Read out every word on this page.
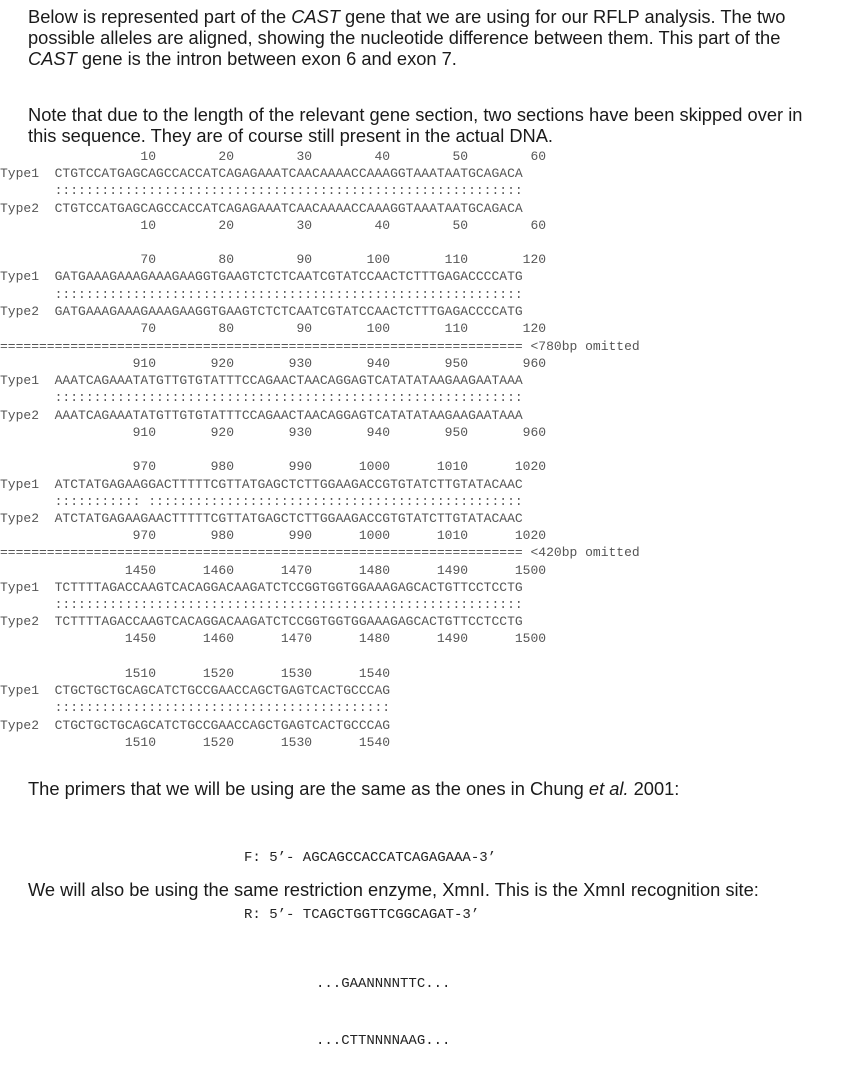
Below is represented part of the CAST gene that we are using for our RFLP analysis. The two possible alleles are aligned, showing the nucleotide difference between them. This part of the CAST gene is the intron between exon 6 and exon 7.

Note that due to the length of the relevant gene section, two sections have been skipped over in this sequence. They are of course still present in the actual DNA.

10        20        30        40        50        60
Type1  CTGTCCATGAGCAGCCACCATCAGAGAAATCAACAAAACCAAAGGTAAATAATGCAGACA
::::::::::::::::::::::::::::::::::::::::::::::::::::::::::::
Type2  CTGTCCATGAGCAGCCACCATCAGAGAAATCAACAAAACCAAAGGTAAATAATGCAGACA
10        20        30        40        50        60
70        80        90       100       110       120
Type1  GATGAAAGAAAGAAAGAAGGTGAAGTCTCTCAATCGTATCCAACTCTTTGAGACCCCATG
::::::::::::::::::::::::::::::::::::::::::::::::::::::::::::
Type2  GATGAAAGAAAGAAAGAAGGTGAAGTCTCTCAATCGTATCCAACTCTTTGAGACCCCATG
70        80        90       100       110       120
=================================================================== <780bp omitted
910       920       930       940       950       960
Type1  AAATCAGAAATATGTTGTGTATTTCCAGAACTAACAGGAGTCATATATAAGAAGAATAAA
::::::::::::::::::::::::::::::::::::::::::::::::::::::::::::
Type2  AAATCAGAAATATGTTGTGTATTTCCAGAACTAACAGGAGTCATATATAAGAAGAATAAA
910       920       930       940       950       960
970       980       990      1000      1010      1020
Type1  ATCTATGAGAAGGACTTTTTCGTTATGAGCTCTTGGAAGACCGTGTATCTTGTATACAAC
::::::::::: ::::::::::::::::::::::::::::::::::::::::::::::::
Type2  ATCTATGAGAAGAACTTTTTCGTTATGAGCTCTTGGAAGACCGTGTATCTTGTATACAAC
970       980       990      1000      1010      1020
=================================================================== <420bp omitted
1450      1460      1470      1480      1490      1500
Type1  TCTTTTAGACCAAGTCACAGGACAAGATCTCCGGTGGTGGAAAGAGCACTGTTCCTCCTG
::::::::::::::::::::::::::::::::::::::::::::::::::::::::::::
Type2  TCTTTTAGACCAAGTCACAGGACAAGATCTCCGGTGGTGGAAAGAGCACTGTTCCTCCTG
1450      1460      1470      1480      1490      1500
1510      1520      1530      1540
Type1  CTGCTGCTGCAGCATCTGCCGAACCAGCTGAGTCACTGCCCAG
:::::::::::::::::::::::::::::::::::::::::::
Type2  CTGCTGCTGCAGCATCTGCCGAACCAGCTGAGTCACTGCCCAG
1510      1520      1530      1540

The primers that we will be using are the same as the ones in Chung et al. 2001:

F: 5’- AGCAGCCACCATCAGAGAAA-3’

R: 5’- TCAGCTGGTTCGGCAGAT-3’

We will also be using the same restriction enzyme, XmnI. This is the XmnI recognition site:

...GAANNNNTTC...

...CTTNNNNAAG...
